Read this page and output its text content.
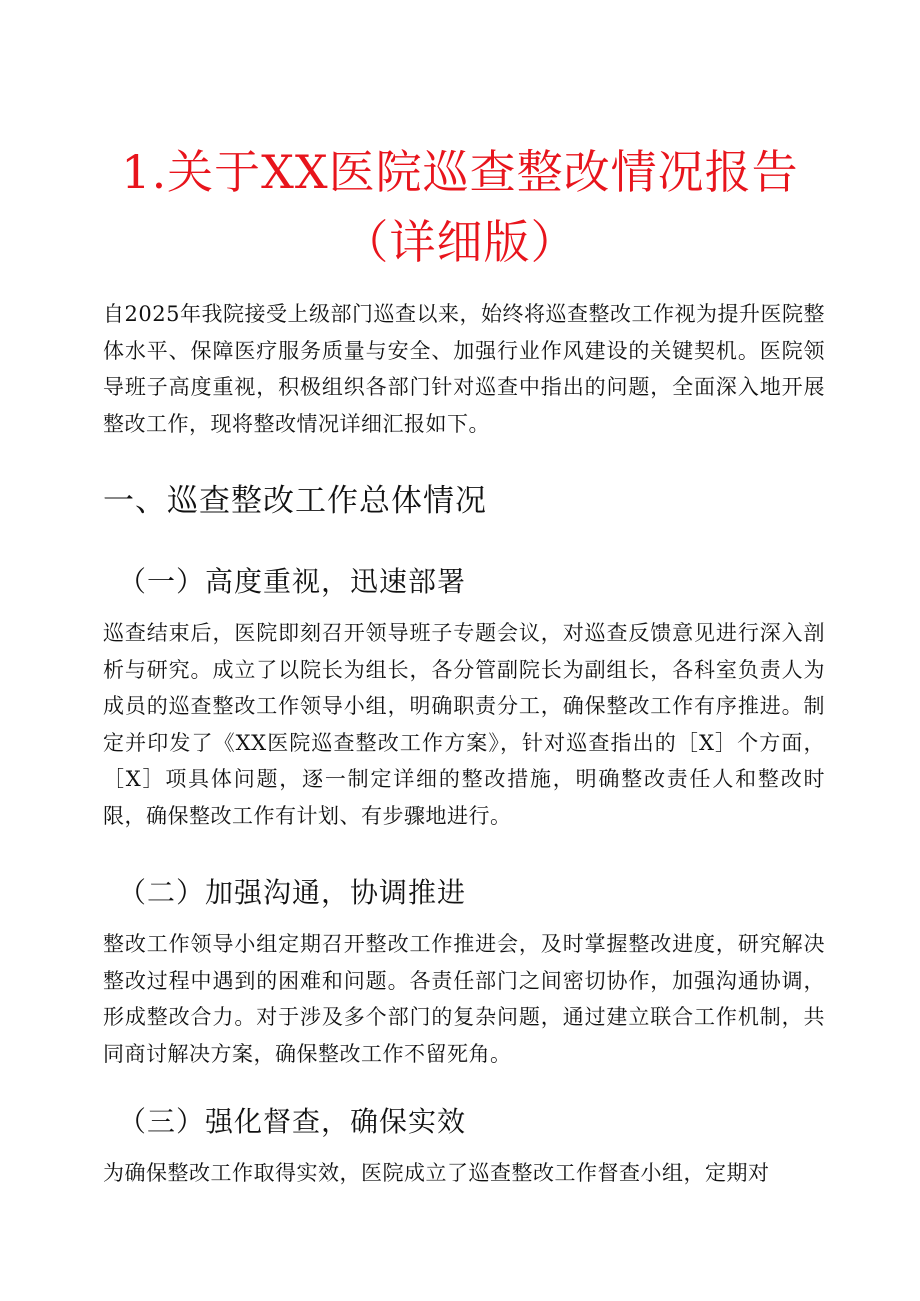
1.关于XX医院巡查整改情况报告
（详细版）

自2025年我院接受上级部门巡查以来，始终将巡查整改工作视为提升医院整体水平、保障医疗服务质量与安全、加强行业作风建设的关键契机。医院领导班子高度重视，积极组织各部门针对巡查中指出的问题，全面深入地开展整改工作，现将整改情况详细汇报如下。

一、巡查整改工作总体情况
（一）高度重视，迅速部署

巡查结束后，医院即刻召开领导班子专题会议，对巡查反馈意见进行深入剖析与研究。成立了以院长为组长，各分管副院长为副组长，各科室负责人为成员的巡查整改工作领导小组，明确职责分工，确保整改工作有序推进。制定并印发了《XX医院巡查整改工作方案》，针对巡查指出的［X］个方面，［X］项具体问题，逐一制定详细的整改措施，明确整改责任人和整改时限，确保整改工作有计划、有步骤地进行。

（二）加强沟通，协调推进

整改工作领导小组定期召开整改工作推进会，及时掌握整改进度，研究解决整改过程中遇到的困难和问题。各责任部门之间密切协作，加强沟通协调，形成整改合力。对于涉及多个部门的复杂问题，通过建立联合工作机制，共同商讨解决方案，确保整改工作不留死角。

（三）强化督查，确保实效

为确保整改工作取得实效，医院成立了巡查整改工作督查小组，定期对
